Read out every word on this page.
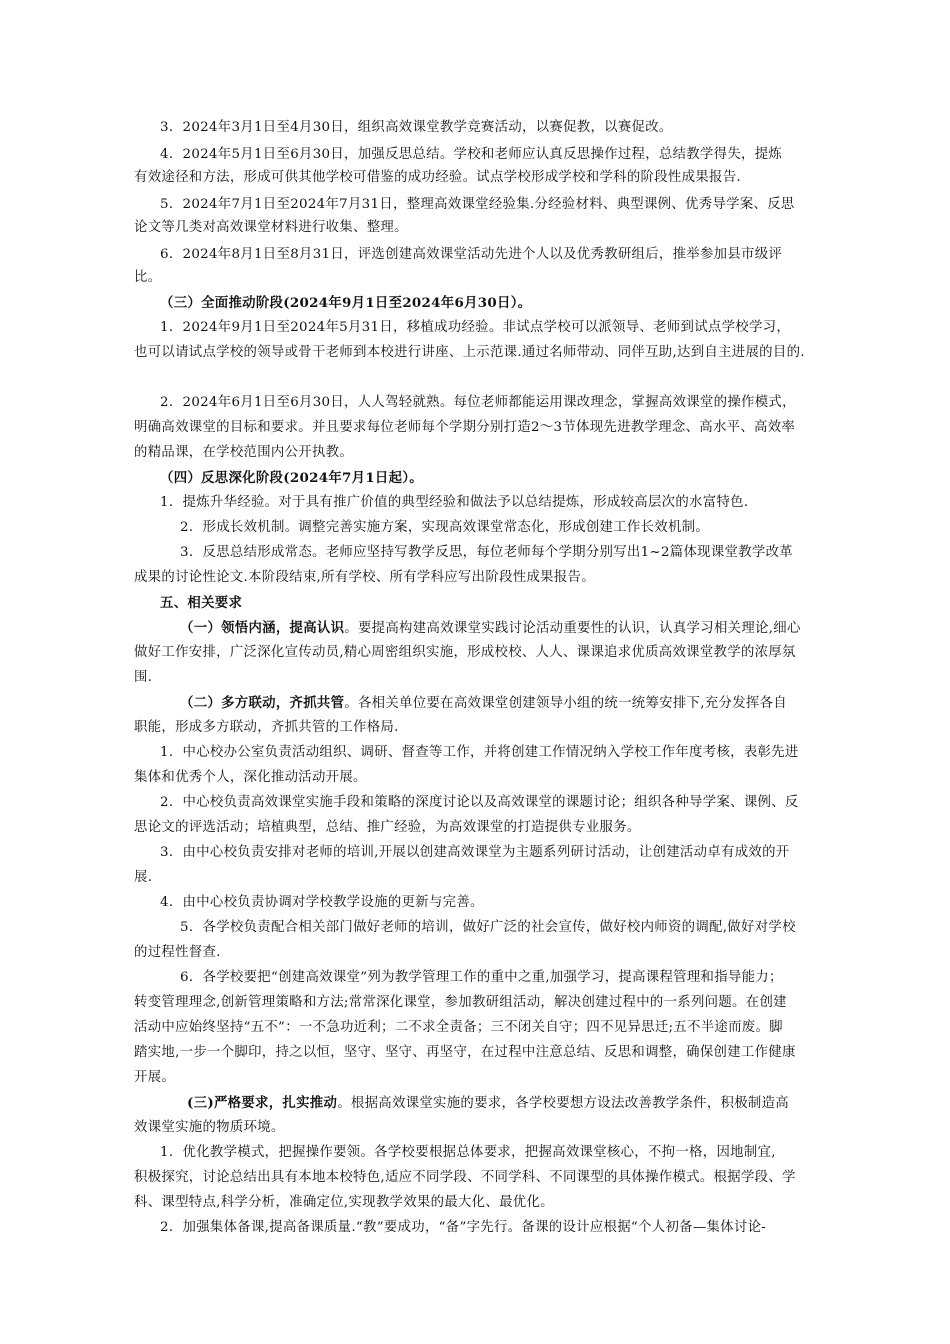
3．2024年3月1日至4月30日，组织高效课堂教学竞赛活动，以赛促教，以赛促改。
4．2024年5月1日至6月30日，加强反思总结。学校和老师应认真反思操作过程，总结教学得失，提炼
有效途径和方法，形成可供其他学校可借鉴的成功经验。试点学校形成学校和学科的阶段性成果报告.
5．2024年7月1日至2024年7月31日，整理高效课堂经验集.分经验材料、典型课例、优秀导学案、反思
论文等几类对高效课堂材料进行收集、整理。
6．2024年8月1日至8月31日，评选创建高效课堂活动先进个人以及优秀教研组后，推举参加县市级评
比。
（三）全面推动阶段(2024年9月1日至2024年6月30日）。
1．2024年9月1日至2024年5月31日，移植成功经验。非试点学校可以派领导、老师到试点学校学习，
也可以请试点学校的领导或骨干老师到本校进行讲座、上示范课.通过名师带动、同伴互助,达到自主进展的目的.
2．2024年6月1日至6月30日，人人驾轻就熟。每位老师都能运用课改理念，掌握高效课堂的操作模式，
明确高效课堂的目标和要求。并且要求每位老师每个学期分别打造2～3节体现先进教学理念、高水平、高效率
的精品课，在学校范围内公开执教。
（四）反思深化阶段(2024年7月1日起）。
1．提炼升华经验。对于具有推广价值的典型经验和做法予以总结提炼，形成较高层次的水富特色.
2．形成长效机制。调整完善实施方案，实现高效课堂常态化，形成创建工作长效机制。
3．反思总结形成常态。老师应坚持写教学反思，每位老师每个学期分别写出1~2篇体现课堂教学改革
成果的讨论性论文.本阶段结束,所有学校、所有学科应写出阶段性成果报告。
五、相关要求
（一）领悟内涵，提高认识。要提高构建高效课堂实践讨论活动重要性的认识，认真学习相关理论,细心
做好工作安排，广泛深化宣传动员,精心周密组织实施，形成校校、人人、课课追求优质高效课堂教学的浓厚氛
围.
（二）多方联动，齐抓共管。各相关单位要在高效课堂创建领导小组的统一统筹安排下,充分发挥各自
职能，形成多方联动，齐抓共管的工作格局.
1．中心校办公室负责活动组织、调研、督查等工作，并将创建工作情况纳入学校工作年度考核，表彰先进
集体和优秀个人，深化推动活动开展。
2．中心校负责高效课堂实施手段和策略的深度讨论以及高效课堂的课题讨论；组织各种导学案、课例、反
思论文的评选活动；培植典型，总结、推广经验，为高效课堂的打造提供专业服务。
3．由中心校负责安排对老师的培训,开展以创建高效课堂为主题系列研讨活动，让创建活动卓有成效的开
展.
4．由中心校负责协调对学校教学设施的更新与完善。
5．各学校负责配合相关部门做好老师的培训，做好广泛的社会宣传，做好校内师资的调配,做好对学校
的过程性督查.
6．各学校要把“创建高效课堂”列为教学管理工作的重中之重,加强学习，提高课程管理和指导能力；
转变管理理念,创新管理策略和方法;常常深化课堂，参加教研组活动，解决创建过程中的一系列问题。在创建
活动中应始终坚持“五不”：一不急功近利；二不求全责备；三不闭关自守；四不见异思迁;五不半途而废。脚
踏实地,一步一个脚印，持之以恒，坚守、坚守、再坚守，在过程中注意总结、反思和调整，确保创建工作健康
开展。
(三)严格要求，扎实推动。根据高效课堂实施的要求，各学校要想方设法改善教学条件，积极制造高
效课堂实施的物质环境。
1．优化教学模式，把握操作要领。各学校要根据总体要求，把握高效课堂核心，不拘一格，因地制宜,
积极探究，讨论总结出具有本地本校特色,适应不同学段、不同学科、不同课型的具体操作模式。根据学段、学
科、课型特点,科学分析，准确定位,实现教学效果的最大化、最优化。
2．加强集体备课,提高备课质量.“教”要成功，“备”字先行。备课的设计应根据“个人初备—集体讨论-
